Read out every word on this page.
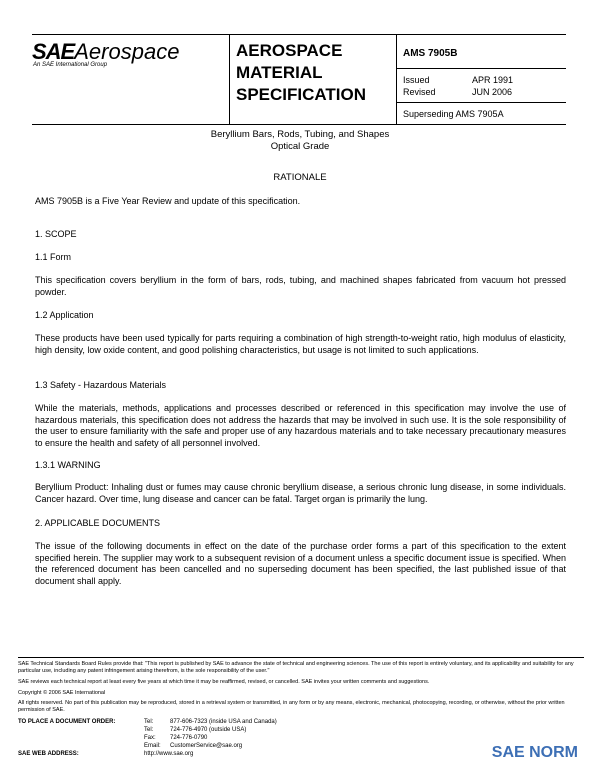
SAEAerospace
An SAE International Group
AEROSPACE
MATERIAL
SPECIFICATION
AMS 7905B
Issued	APR 1991
Revised	JUN 2006
Superseding AMS 7905A
Beryllium Bars, Rods, Tubing, and Shapes
Optical Grade
RATIONALE
AMS 7905B is a Five Year Review and update of this specification.
1. SCOPE
1.1 Form
This specification covers beryllium in the form of bars, rods, tubing, and machined shapes fabricated from vacuum hot pressed powder.
1.2 Application
These products have been used typically for parts requiring a combination of high strength-to-weight ratio, high modulus of elasticity, high density, low oxide content, and good polishing characteristics, but usage is not limited to such applications.
1.3 Safety - Hazardous Materials
While the materials, methods, applications and processes described or referenced in this specification may involve the use of hazardous materials, this specification does not address the hazards that may be involved in such use. It is the sole responsibility of the user to ensure familiarity with the safe and proper use of any hazardous materials and to take necessary precautionary measures to ensure the health and safety of all personnel involved.
1.3.1 WARNING
Beryllium Product: Inhaling dust or fumes may cause chronic beryllium disease, a serious chronic lung disease, in some individuals. Cancer hazard. Over time, lung disease and cancer can be fatal. Target organ is primarily the lung.
2. APPLICABLE DOCUMENTS
The issue of the following documents in effect on the date of the purchase order forms a part of this specification to the extent specified herein. The supplier may work to a subsequent revision of a document unless a specific document issue is specified. When the referenced document has been cancelled and no superseding document has been specified, the last published issue of that document shall apply.
SAE Technical Standards Board Rules provide that: "This report is published by SAE to advance the state of technical and engineering sciences. The use of this report is entirely voluntary, and its applicability and suitability for any particular use, including any patent infringement arising therefrom, is the sole responsibility of the user."
SAE reviews each technical report at least every five years at which time it may be reaffirmed, revised, or cancelled. SAE invites your written comments and suggestions.
Copyright © 2006 SAE International
All rights reserved. No part of this publication may be reproduced, stored in a retrieval system or transmitted, in any form or by any means, electronic, mechanical, photocopying, recording, or otherwise, without the prior written permission of SAE.
TO PLACE A DOCUMENT ORDER:	Tel:	877-606-7323 (inside USA and Canada)
Tel:	724-776-4970 (outside USA)
Fax: 724-776-0790
Email: CustomerService@sae.org
SAE WEB ADDRESS:	http://www.sae.org	SAE NORM
